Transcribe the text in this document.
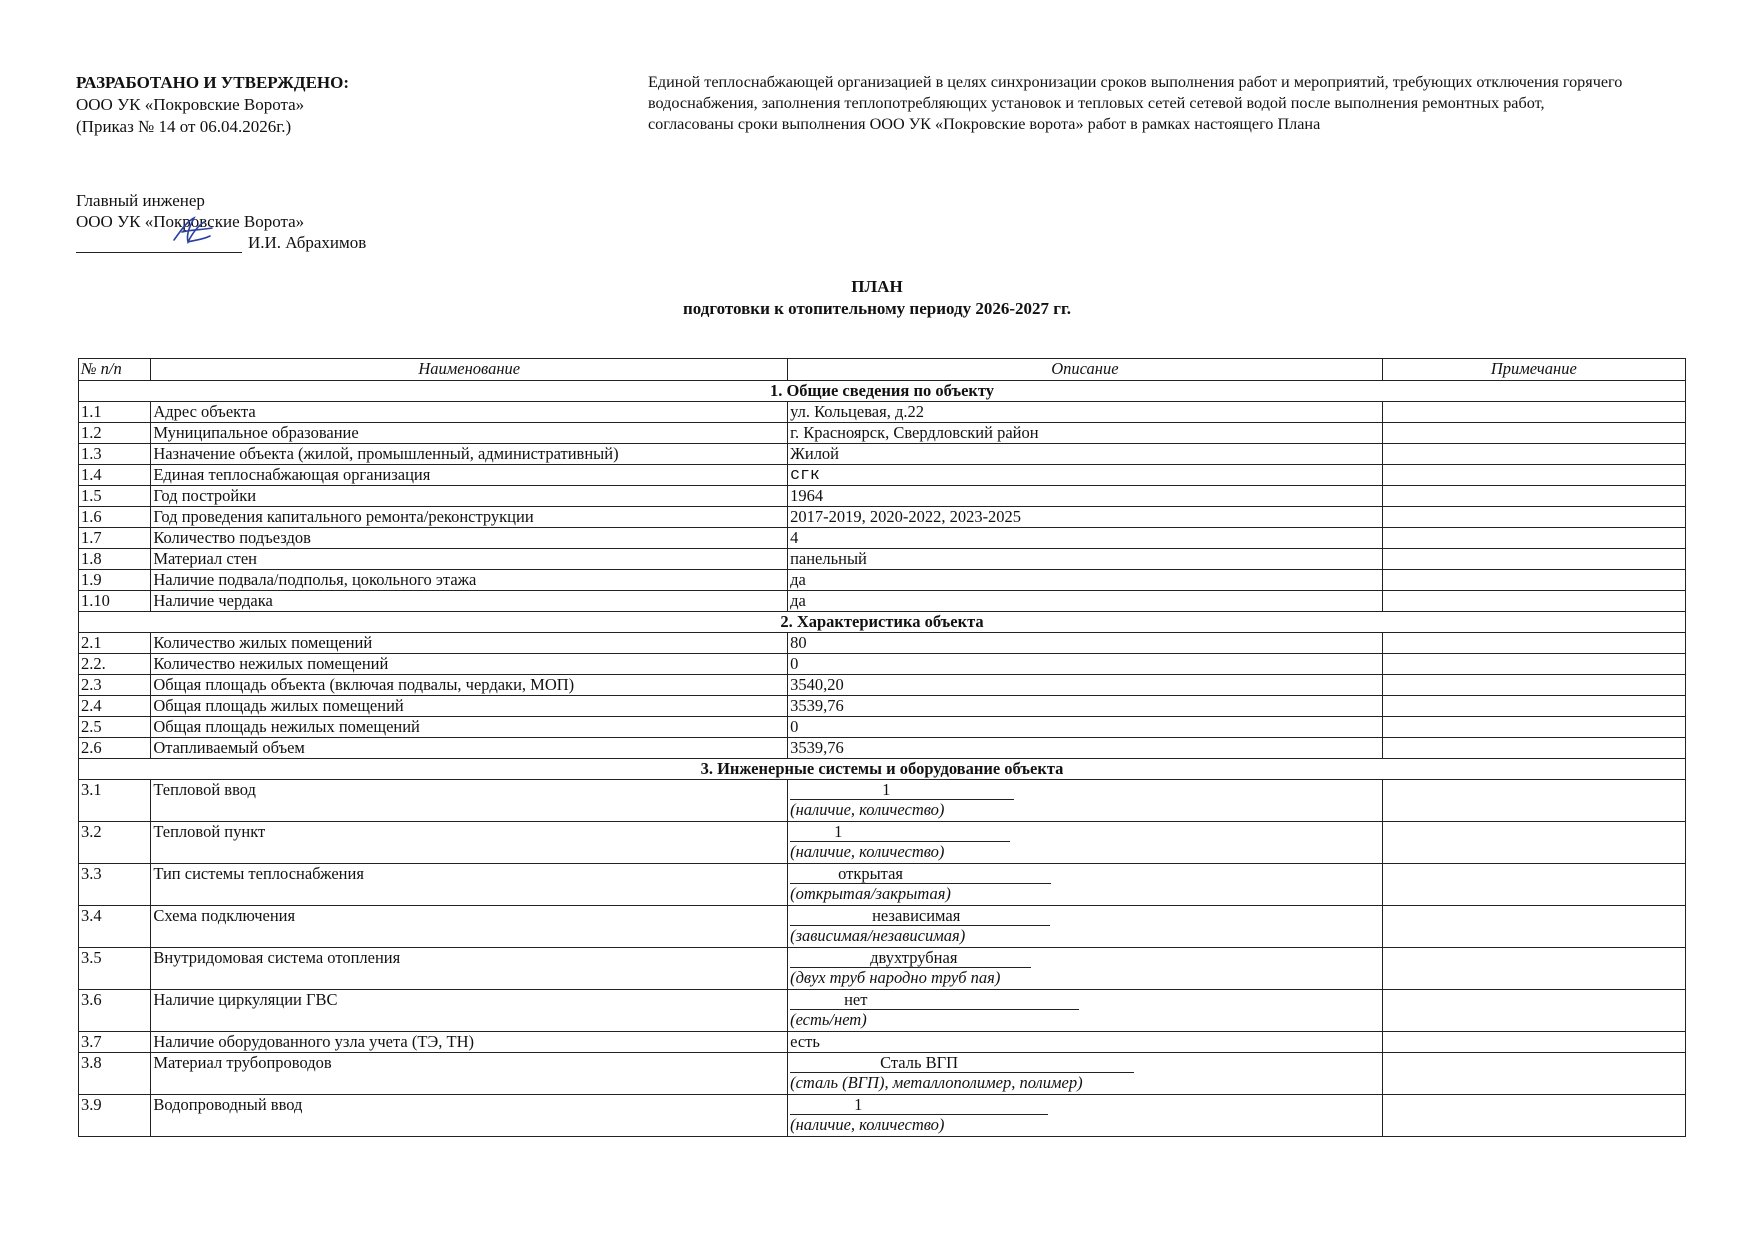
РАЗРАБОТАНО И УТВЕРЖДЕНО:
ООО УК «Покровские Ворота»
(Приказ № 14 от 06.04.2026г.)
Единой теплоснабжающей организацией в целях синхронизации сроков выполнения работ и мероприятий, требующих отключения горячего водоснабжения, заполнения теплопотребляющих установок и тепловых сетей сетевой водой после выполнения ремонтных работ, согласованы сроки выполнения ООО УК «Покровские ворота» работ в рамках настоящего Плана
Главный инженер
ООО УК «Покровские Ворота»
И.И. Абрахимов
ПЛАН
подготовки к отопительному периоду 2026-2027 гг.
№ п/п	Наименование	Описание	Примечание
1. Общие сведения по объекту			
1.1	Адрес объекта	ул. Кольцевая, д.22	
1.2	Муниципальное образование	г. Красноярск, Свердловский район	
1.3	Назначение объекта (жилой, промышленный, административный)	Жилой	
1.4	Единая теплоснабжающая организация	сгк	
1.5	Год постройки	1964	
1.6	Год проведения капитального ремонта/реконструкции	2017-2019, 2020-2022, 2023-2025	
1.7	Количество подъездов	4	
1.8	Материал стен	панельный	
1.9	Наличие подвала/подполья, цокольного этажа	да	
1.10	Наличие чердака	да	
2. Характеристика объекта			
2.1	Количество жилых помещений	80	
2.2.	Количество нежилых помещений	0	
2.3	Общая площадь объекта (включая подвалы, чердаки, МОП)	3540,20	
2.4	Общая площадь жилых помещений	3539,76	
2.5	Общая площадь нежилых помещений	0	
2.6	Отапливаемый объем	3539,76	
3. Инженерные системы и оборудование объекта			
3.1	Тепловой ввод	1
(наличие, количество)	

3.2	Тепловой пункт	1
(наличие, количество)	

3.3	Тип системы теплоснабжения	открытая
(открытая/закрытая)	

3.4	Схема подключения	независимая
(зависимая/независимая)	

3.5	Внутридомовая система отопления	двухтрубная
(двух труб народно труб пая)	

3.6	Наличие циркуляции ГВС	нет
(есть/нет)	

3.7	Наличие оборудованного узла учета (ТЭ, ТН)	есть	
3.8	Материал трубопроводов	Сталь ВГП
(сталь (ВГП), металлополимер, полимер)	

3.9	Водопроводный ввод	1
(наличие, количество)	
